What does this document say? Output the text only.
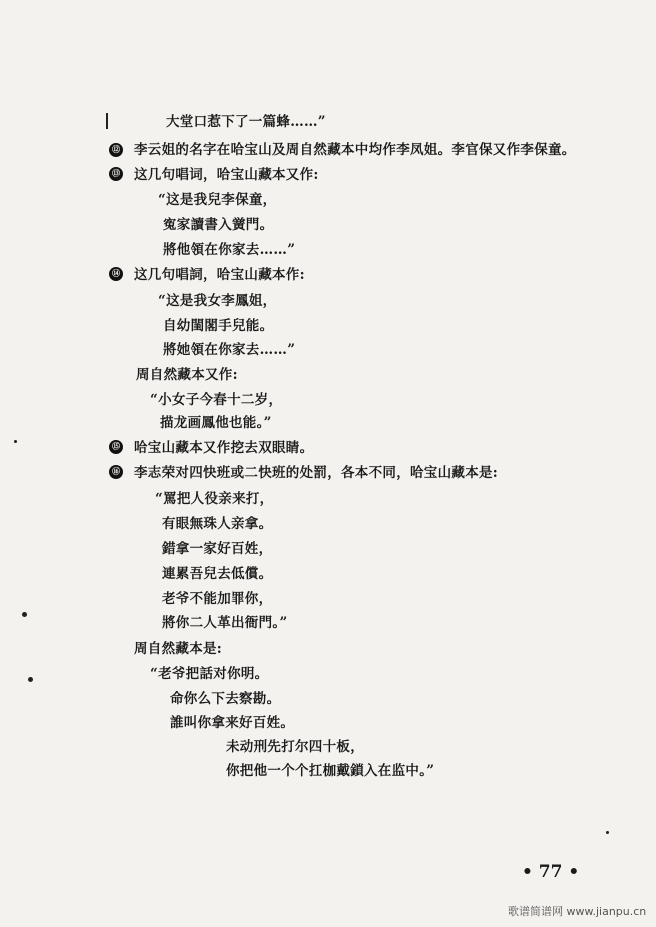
⑫
⑬
⑭
⑮
⑯
大堂口惹下了一篇蜂……”
李云姐的名字在哈宝山及周自然藏本中均作李凤姐。李官保又作李保童。
这几句唱词，哈宝山藏本又作:
“这是我兒李保童，
寃家讀書入黉門。
將他領在你家去……”
这几句唱詞，哈宝山藏本作:
“这是我女李鳳姐，
自幼閨閣手兒能。
將她領在你家去……”
周自然藏本又作:
“小女子今春十二岁，
描龙画鳳他也能。”
哈宝山藏本又作挖去双眼睛。
李志荣对四快班或二快班的处罰，各本不同，哈宝山藏本是:
“罵把人役亲来打，
有眼無珠人亲拿。
錯拿一家好百姓，
連累吾兒去低償。
老爷不能加罪你，
將你二人革出衙門。”
周自然藏本是:
“老爷把話对你明。
命你么下去察勘。
誰叫你拿来好百姓。
未动刑先打尔四十板，
你把他一个个扛枷戴鎖入在监中。”
• 77 •
歌谱简谱网 www.jianpu.cn
